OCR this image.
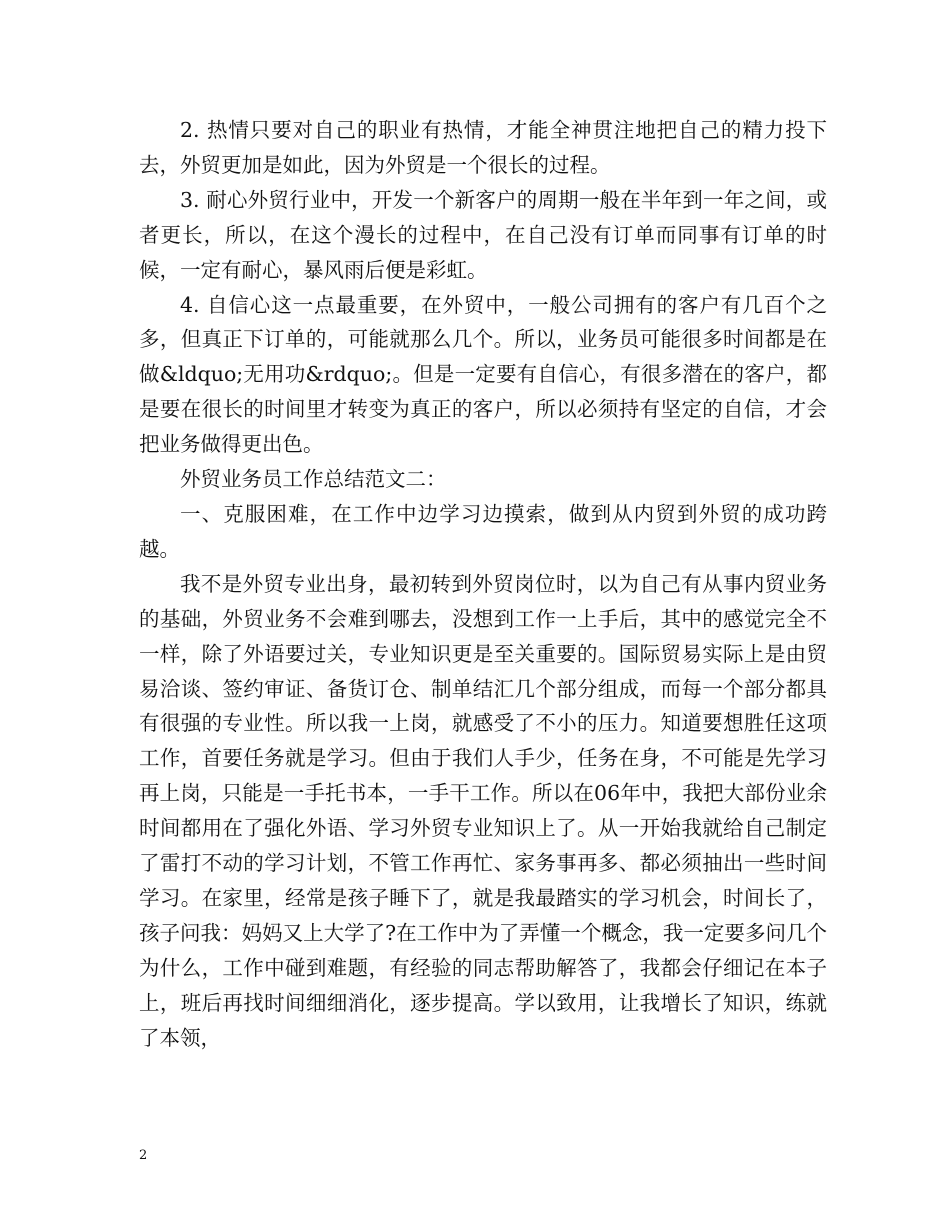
2. 热情只要对自己的职业有热情，才能全神贯注地把自己的精力投下去，外贸更加是如此，因为外贸是一个很长的过程。

3. 耐心外贸行业中，开发一个新客户的周期一般在半年到一年之间，或者更长，所以，在这个漫长的过程中，在自己没有订单而同事有订单的时候，一定有耐心，暴风雨后便是彩虹。

4. 自信心这一点最重要，在外贸中，一般公司拥有的客户有几百个之多，但真正下订单的，可能就那么几个。所以，业务员可能很多时间都是在做&ldquo;无用功&rdquo;。但是一定要有自信心，有很多潜在的客户，都是要在很长的时间里才转变为真正的客户，所以必须持有坚定的自信，才会把业务做得更出色。

外贸业务员工作总结范文二：

一、克服困难，在工作中边学习边摸索，做到从内贸到外贸的成功跨越。

我不是外贸专业出身，最初转到外贸岗位时，以为自己有从事内贸业务的基础，外贸业务不会难到哪去，没想到工作一上手后，其中的感觉完全不一样，除了外语要过关，专业知识更是至关重要的。国际贸易实际上是由贸易洽谈、签约审证、备货订仓、制单结汇几个部分组成，而每一个部分都具有很强的专业性。所以我一上岗，就感受了不小的压力。知道要想胜任这项工作，首要任务就是学习。但由于我们人手少，任务在身，不可能是先学习再上岗，只能是一手托书本，一手干工作。所以在06年中，我把大部份业余时间都用在了强化外语、学习外贸专业知识上了。从一开始我就给自己制定了雷打不动的学习计划，不管工作再忙、家务事再多、都必须抽出一些时间学习。在家里，经常是孩子睡下了，就是我最踏实的学习机会，时间长了，孩子问我：妈妈又上大学了?在工作中为了弄懂一个概念，我一定要多问几个为什么，工作中碰到难题，有经验的同志帮助解答了，我都会仔细记在本子上，班后再找时间细细消化，逐步提高。学以致用，让我增长了知识，练就了本领，

2
